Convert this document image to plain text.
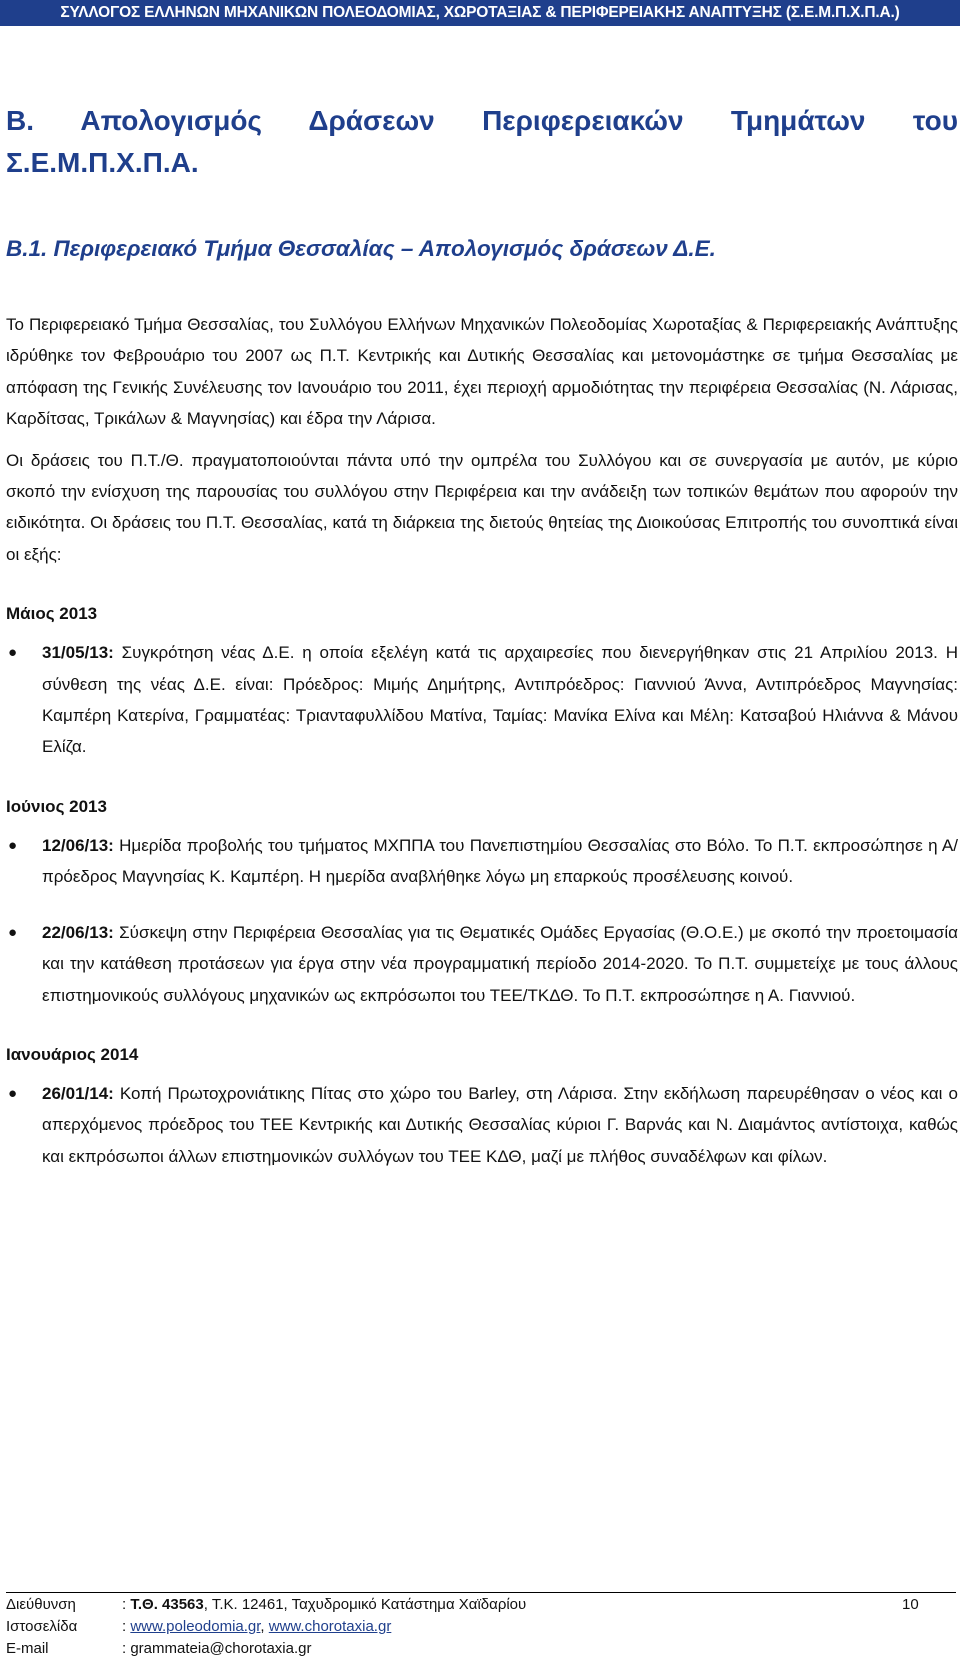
ΣΥΛΛΟΓΟΣ ΕΛΛΗΝΩΝ ΜΗΧΑΝΙΚΩΝ ΠΟΛΕΟΔΟΜΙΑΣ, ΧΩΡΟΤΑΞΙΑΣ & ΠΕΡΙΦΕΡΕΙΑΚΗΣ ΑΝΑΠΤΥΞΗΣ (Σ.Ε.Μ.Π.Χ.Π.Α.)
Β. Απολογισμός Δράσεων Περιφερειακών Τμημάτων του Σ.Ε.Μ.Π.Χ.Π.Α.
Β.1. Περιφερειακό Τμήμα Θεσσαλίας – Απολογισμός δράσεων Δ.Ε.

Το Περιφερειακό Τμήμα Θεσσαλίας, του Συλλόγου Ελλήνων Μηχανικών Πολεοδομίας Χωροταξίας & Περιφερειακής Ανάπτυξης ιδρύθηκε τον Φεβρουάριο του 2007 ως Π.Τ. Κεντρικής και Δυτικής Θεσσαλίας και μετονομάστηκε σε τμήμα Θεσσαλίας με απόφαση της Γενικής Συνέλευσης τον Ιανουάριο του 2011, έχει περιοχή αρμοδιότητας την περιφέρεια Θεσσαλίας (Ν. Λάρισας, Καρδίτσας, Τρικάλων & Μαγνησίας) και έδρα την Λάρισα.

Οι δράσεις του Π.Τ./Θ. πραγματοποιούνται πάντα υπό την ομπρέλα του Συλλόγου και σε συνεργασία με αυτόν, με κύριο σκοπό την ενίσχυση της παρουσίας του συλλόγου στην Περιφέρεια και την ανάδειξη των τοπικών θεμάτων που αφορούν την ειδικότητα. Οι δράσεις του Π.Τ. Θεσσαλίας, κατά τη διάρκεια της διετούς θητείας της Διοικούσας Επιτροπής του συνοπτικά είναι οι εξής:

Μάιος 2013
● 31/05/13: Συγκρότηση νέας Δ.Ε. η οποία εξελέγη κατά τις αρχαιρεσίες που διενεργήθηκαν στις 21 Απριλίου 2013. Η σύνθεση της νέας Δ.Ε. είναι: Πρόεδρος: Μιμής Δημήτρης, Αντιπρόεδρος: Γιαννιού Άννα, Αντιπρόεδρος Μαγνησίας: Καμπέρη Κατερίνα, Γραμματέας: Τριανταφυλλίδου Ματίνα, Ταμίας: Μανίκα Ελίνα και Μέλη: Κατσαβού Ηλιάννα & Μάνου Ελίζα.
Ιούνιος 2013
● 12/06/13: Ημερίδα προβολής του τμήματος ΜΧΠΠΑ του Πανεπιστημίου Θεσσαλίας στο Βόλο. Το Π.Τ. εκπροσώπησε η Α/πρόεδρος Μαγνησίας Κ. Καμπέρη. Η ημερίδα αναβλήθηκε λόγω μη επαρκούς προσέλευσης κοινού.
● 22/06/13: Σύσκεψη στην Περιφέρεια Θεσσαλίας για τις Θεματικές Ομάδες Εργασίας (Θ.Ο.Ε.) με σκοπό την προετοιμασία και την κατάθεση προτάσεων για έργα στην νέα προγραμματική περίοδο 2014-2020. Το Π.Τ. συμμετείχε με τους άλλους επιστημονικούς συλλόγους μηχανικών ως εκπρόσωποι του ΤΕΕ/ΤΚΔΘ. Το Π.Τ. εκπροσώπησε η Α. Γιαννιού.
Ιανουάριος 2014
● 26/01/14: Κοπή Πρωτοχρονιάτικης Πίτας στο χώρο του Barley, στη Λάρισα. Στην εκδήλωση παρευρέθησαν ο νέος και ο απερχόμενος πρόεδρος του ΤΕΕ Κεντρικής και Δυτικής Θεσσαλίας κύριοι Γ. Βαρνάς και Ν. Διαμάντος αντίστοιχα, καθώς και εκπρόσωποι άλλων επιστημονικών συλλόγων του ΤΕΕ ΚΔΘ, μαζί με πλήθος συναδέλφων και φίλων.
Διεύθυνση	: Τ.Θ. 43563, Τ.Κ. 12461, Ταχυδρομικό Κατάστημα Χαϊδαρίου
Ιστοσελίδα	: www.poleodomia.gr, www.chorotaxia.gr
E-mail	: grammateia@chorotaxia.gr
10
